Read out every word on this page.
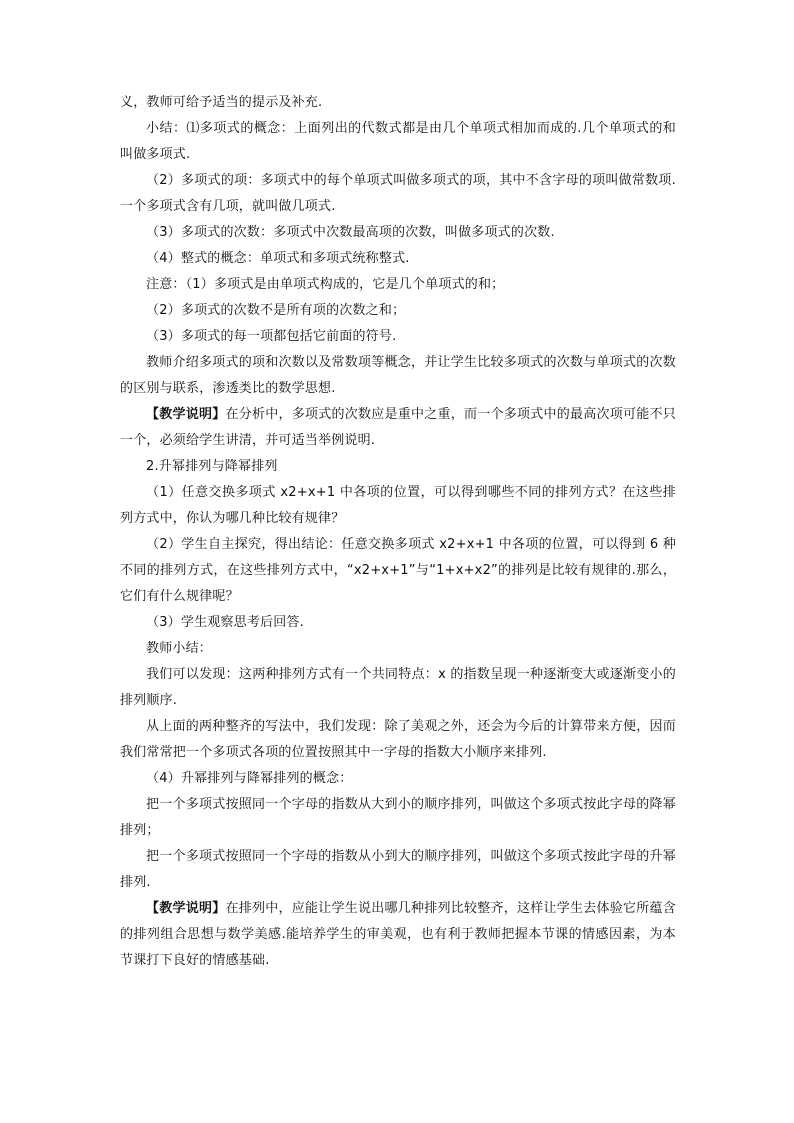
义，教师可给予适当的提示及补充.

小结：⑴多项式的概念：上面列出的代数式都是由几个单项式相加而成的.几个单项式的和叫做多项式.

（2）多项式的项：多项式中的每个单项式叫做多项式的项，其中不含字母的项叫做常数项.一个多项式含有几项，就叫做几项式.

（3）多项式的次数：多项式中次数最高项的次数，叫做多项式的次数.

（4）整式的概念：单项式和多项式统称整式.

注意：（1）多项式是由单项式构成的，它是几个单项式的和；

（2）多项式的次数不是所有项的次数之和；

（3）多项式的每一项都包括它前面的符号.

教师介绍多项式的项和次数以及常数项等概念，并让学生比较多项式的次数与单项式的次数的区别与联系，渗透类比的数学思想.

【教学说明】在分析中，多项式的次数应是重中之重，而一个多项式中的最高次项可能不只一个，必须给学生讲清，并可适当举例说明.

2.升幂排列与降幂排列

（1）任意交换多项式 x2+x+1 中各项的位置，可以得到哪些不同的排列方式？在这些排列方式中，你认为哪几种比较有规律？

（2）学生自主探究，得出结论：任意交换多项式 x2+x+1 中各项的位置，可以得到 6 种不同的排列方式，在这些排列方式中，“x2+x+1”与“1+x+x2”的排列是比较有规律的.那么，它们有什么规律呢？

（3）学生观察思考后回答.

教师小结：

我们可以发现：这两种排列方式有一个共同特点：x 的指数呈现一种逐渐变大或逐渐变小的排列顺序.

从上面的两种整齐的写法中，我们发现：除了美观之外，还会为今后的计算带来方便，因而我们常常把一个多项式各项的位置按照其中一字母的指数大小顺序来排列.

（4）升幂排列与降幂排列的概念：

把一个多项式按照同一个字母的指数从大到小的顺序排列，叫做这个多项式按此字母的降幂排列；

把一个多项式按照同一个字母的指数从小到大的顺序排列，叫做这个多项式按此字母的升幂排列.

【教学说明】在排列中，应能让学生说出哪几种排列比较整齐，这样让学生去体验它所蕴含的排列组合思想与数学美感.能培养学生的审美观，也有利于教师把握本节课的情感因素，为本节课打下良好的情感基础.
